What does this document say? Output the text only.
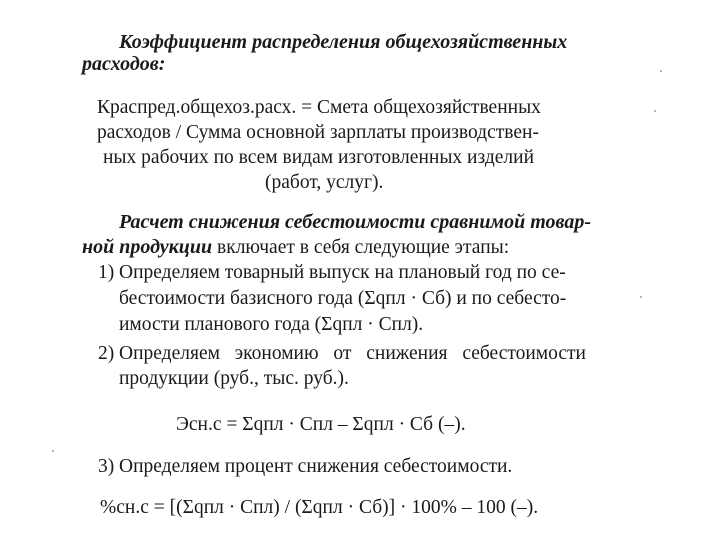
Коэффициент распределения общехозяйственных
расходов:
Краспред.общехоз.расх. = Смета общехозяйственных
расходов / Сумма основной зарплаты производствен-
ных рабочих по всем видам изготовленных изделий
(работ, услуг).
Расчет снижения себестоимости сравнимой товар-
ной продукции включает в себя следующие этапы:
1) Определяем товарный выпуск на плановый год по се-
бестоимости базисного года (Σqпл · Сб) и по себесто-
имости планового года (Σqпл · Спл).
2) Определяем экономию от снижения себестоимости
продукции (руб., тыс. руб.).
Эсн.с = Σqпл · Спл – Σqпл · Сб (–).
3) Определяем процент снижения себестоимости.
%сн.с = [(Σqпл · Спл) / (Σqпл · Сб)] · 100% – 100 (–).
